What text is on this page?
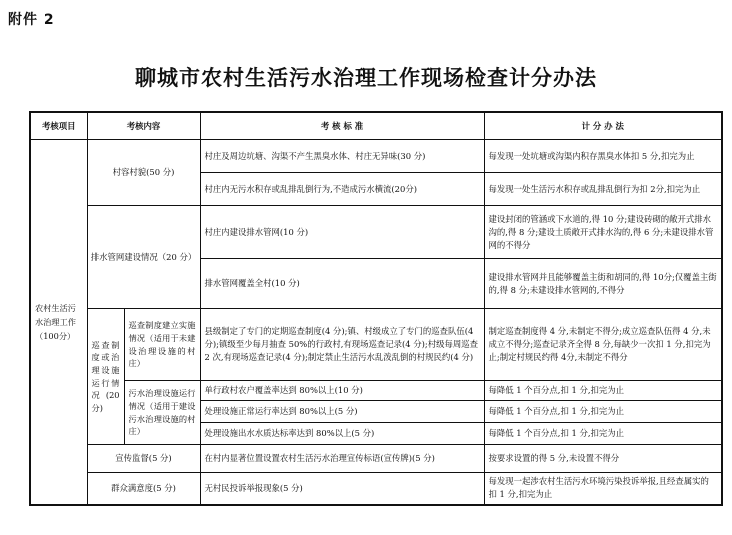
附件 2
聊城市农村生活污水治理工作现场检查计分办法
考核项目	考核内容		考 核 标 准	计 分 办 法
农村生活污水治理工作（100分）	村容村貌(50 分)		村庄及周边坑塘、沟渠不产生黑臭水体、村庄无异味(30 分)	每发现一处坑塘或沟渠内积存黑臭水体扣 5 分,扣完为止
			村庄内无污水积存或乱排乱倒行为,不造成污水横流(20分)	每发现一处生活污水积存或乱排乱倒行为扣 2分,扣完为止
	排水管网建设情况（20 分）		村庄内建设排水管网(10 分)	建设封闭的管涵或下水道的,得 10 分;建设砖砌的敞开式排水沟的,得 8 分;建设土质敞开式排水沟的,得 6 分;未建设排水管网的不得分
			排水管网覆盖全村(10 分)	建设排水管网并且能够覆盖主街和胡同的,得 10分;仅覆盖主街的,得 8 分;未建设排水管网的,不得分
	巡查制度或治理设施运行情况(20 分)	巡查制度建立实施情况（适用于未建设治理设施的村庄）	县级制定了专门的定期巡查制度(4 分);镇、村级成立了专门的巡查队伍(4 分);镇级至少每月抽查 50%的行政村,有现场巡查记录(4 分);村级每周巡查 2 次,有现场巡查记录(4 分);制定禁止生活污水乱泼乱倒的村规民约(4 分)	制定巡查制度得 4 分,未制定不得分;成立巡查队伍得 4 分,未成立不得分;巡查记录齐全得 8 分,每缺少一次扣 1 分,扣完为止;制定村规民约得 4分,未制定不得分
		污水治理设施运行情况（适用于建设污水治理设施的村庄）	单行政村农户覆盖率达到 80%以上(10 分)	每降低 1 个百分点,扣 1 分,扣完为止
			处理设施正常运行率达到 80%以上(5 分)	每降低 1 个百分点,扣 1 分,扣完为止
			处理设施出水水质达标率达到 80%以上(5 分)	每降低 1 个百分点,扣 1 分,扣完为止
	宣传监督(5 分)		在村内显著位置设置农村生活污水治理宣传标语(宣传牌)(5 分)	按要求设置的得 5 分,未设置不得分
	群众满意度(5 分)		无村民投诉举报现象(5 分)	每发现一起涉农村生活污水环境污染投诉举报,且经查属实的扣 1 分,扣完为止
